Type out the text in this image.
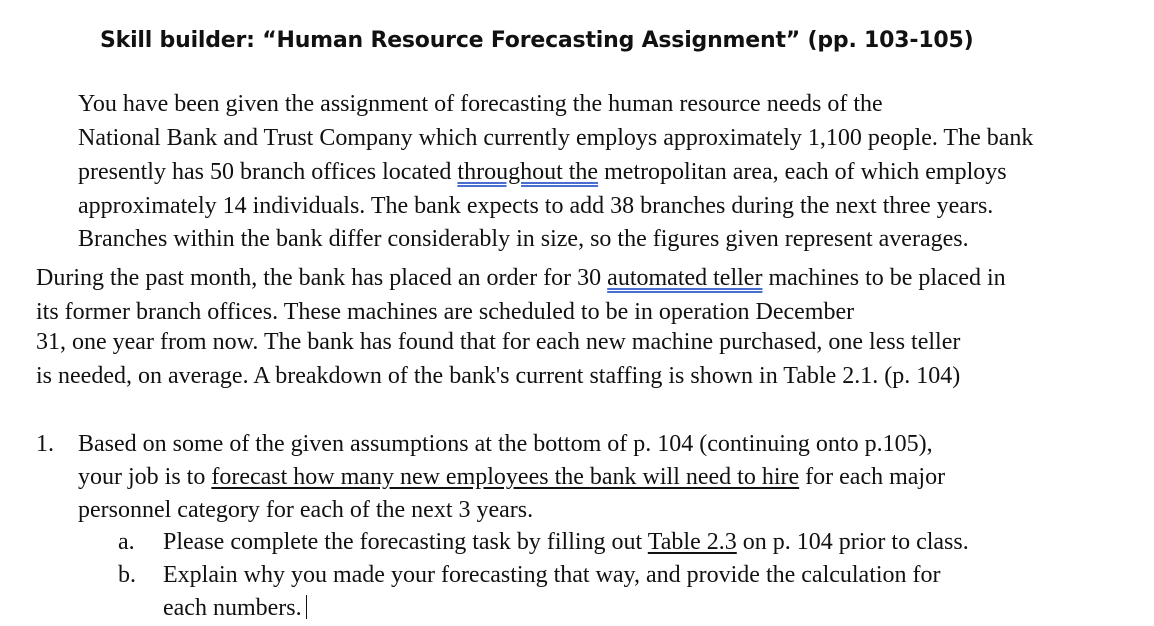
Skill builder: “Human Resource Forecasting Assignment” (pp. 103-105)
You have been given the assignment of forecasting the human resource needs of the
National Bank and Trust Company which currently employs approximately 1,100 people. The bank
presently has 50 branch offices located throughout the metropolitan area, each of which employs
approximately 14 individuals. The bank expects to add 38 branches during the next three years.
Branches within the bank differ considerably in size, so the figures given represent averages.
During the past month, the bank has placed an order for 30 automated teller machines to be placed in
its former branch offices. These machines are scheduled to be in operation December
31, one year from now. The bank has found that for each new machine purchased, one less teller
is needed, on average. A breakdown of the bank's current staffing is shown in Table 2.1. (p. 104)
1. Based on some of the given assumptions at the bottom of p. 104 (continuing onto p.105),
your job is to forecast how many new employees the bank will need to hire for each major
personnel category for each of the next 3 years.
a. Please complete the forecasting task by filling out Table 2.3 on p. 104 prior to class.
b. Explain why you made your forecasting that way, and provide the calculation for
each numbers.
